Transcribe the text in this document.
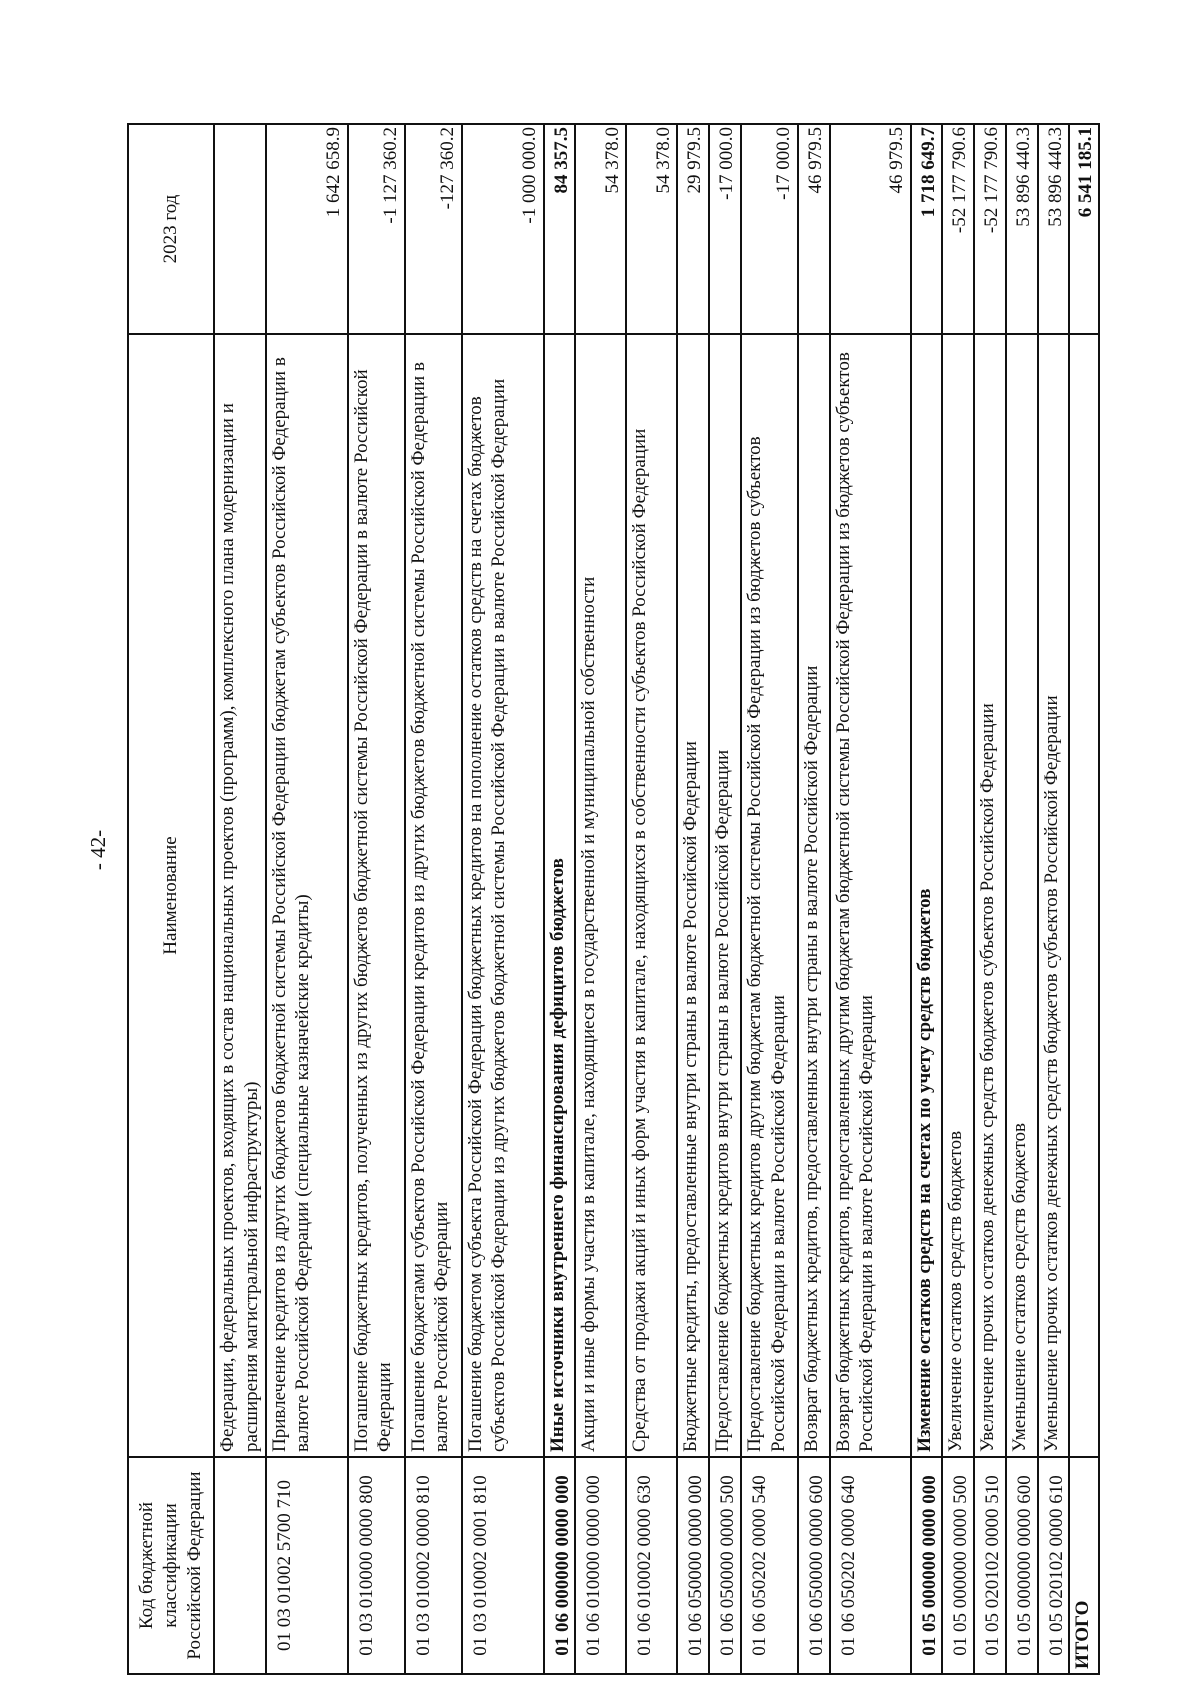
- 42-
Код бюджетной классификации Российской Федерации	Наименование	2023 год
	Федерации, федеральных проектов, входящих в состав национальных проектов (программ), комплексного плана модернизации и расширения магистральной инфраструктуры)	
01 03 01002 5700 710	Привлечение кредитов из других бюджетов бюджетной системы Российской Федерации бюджетам субъектов Российской Федерации в валюте Российской Федерации (специальные казначейские кредиты)	1 642 658.9
01 03 010000 0000 800	Погашение бюджетных кредитов, полученных из других бюджетов бюджетной системы Российской Федерации в валюте Российской Федерации	-1 127 360.2
01 03 010002 0000 810	Погашение бюджетами субъектов Российской Федерации кредитов из других бюджетов бюджетной системы Российской Федерации в валюте Российской Федерации	-127 360.2
01 03 010002 0001 810	Погашение бюджетом субъекта Российской Федерации бюджетных кредитов на пополнение остатков средств на счетах бюджетов субъектов Российской Федерации из других бюджетов бюджетной системы Российской Федерации в валюте Российской Федерации	-1 000 000.0
01 06 000000 0000 000	Иные источники внутреннего финансирования дефицитов бюджетов	84 357.5
01 06 010000 0000 000	Акции и иные формы участия в капитале, находящиеся в государственной и муниципальной собственности	54 378.0
01 06 010002 0000 630	Средства от продажи акций и иных форм участия в капитале, находящихся в собственности субъектов Российской Федерации	54 378.0
01 06 050000 0000 000	Бюджетные кредиты, предоставленные внутри страны в валюте Российской Федерации	29 979.5
01 06 050000 0000 500	Предоставление бюджетных кредитов внутри страны в валюте Российской Федерации	-17 000.0
01 06 050202 0000 540	Предоставление бюджетных кредитов другим бюджетам бюджетной системы Российской Федерации из бюджетов субъектов Российской Федерации в валюте Российской Федерации	-17 000.0
01 06 050000 0000 600	Возврат бюджетных кредитов, предоставленных внутри страны в валюте Российской Федерации	46 979.5
01 06 050202 0000 640	Возврат бюджетных кредитов, предоставленных другим бюджетам бюджетной системы Российской Федерации из бюджетов субъектов Российской Федерации в валюте Российской Федерации	46 979.5
01 05 000000 0000 000	Изменение остатков средств на счетах по учету средств бюджетов	1 718 649.7
01 05 000000 0000 500	Увеличение остатков средств бюджетов	-52 177 790.6
01 05 020102 0000 510	Увеличение прочих остатков денежных средств бюджетов субъектов Российской Федерации	-52 177 790.6
01 05 000000 0000 600	Уменьшение остатков средств бюджетов	53 896 440.3
01 05 020102 0000 610	Уменьшение прочих остатков денежных средств бюджетов субъектов Российской Федерации	53 896 440.3
ИТОГО		6 541 185.1
